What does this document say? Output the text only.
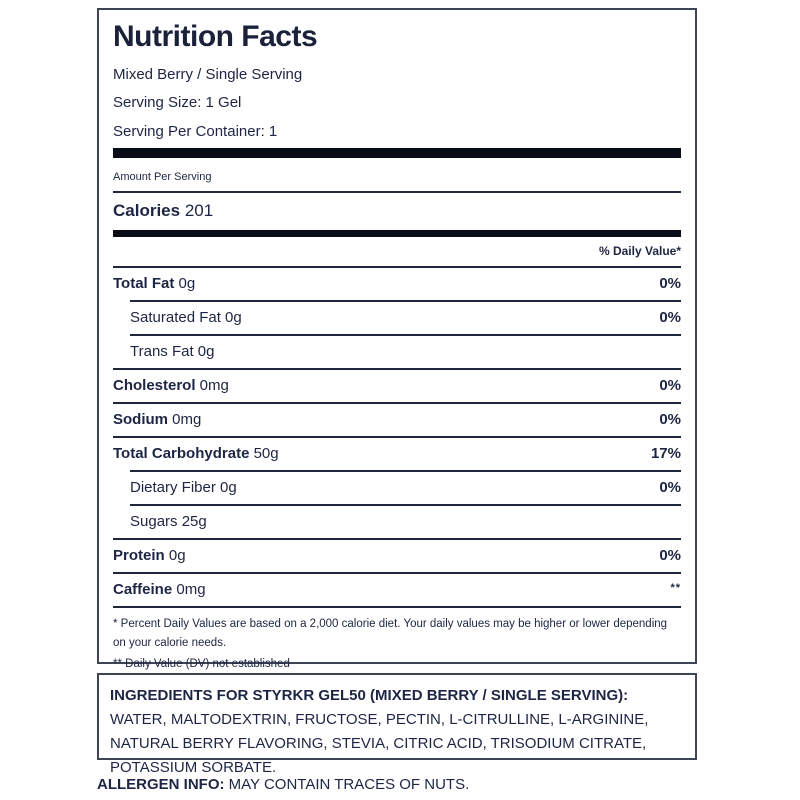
Nutrition Facts
Mixed Berry / Single Serving
Serving Size: 1 Gel
Serving Per Container: 1
Amount Per Serving
Calories 201
% Daily Value*
Total Fat 0g	0%
Saturated Fat 0g	0%
Trans Fat 0g
Cholesterol 0mg	0%
Sodium 0mg	0%
Total Carbohydrate 50g	17%
Dietary Fiber 0g	0%
Sugars 25g
Protein 0g	0%
Caffeine 0mg	**
* Percent Daily Values are based on a 2,000 calorie diet. Your daily values may be higher or lower depending on your calorie needs.
** Daily Value (DV) not established
INGREDIENTS FOR STYRKR GEL50 (MIXED BERRY / SINGLE SERVING): WATER, MALTODEXTRIN, FRUCTOSE, PECTIN, L-CITRULLINE, L-ARGININE, NATURAL BERRY FLAVORING, STEVIA, CITRIC ACID, TRISODIUM CITRATE, POTASSIUM SORBATE.
ALLERGEN INFO: MAY CONTAIN TRACES OF NUTS.
